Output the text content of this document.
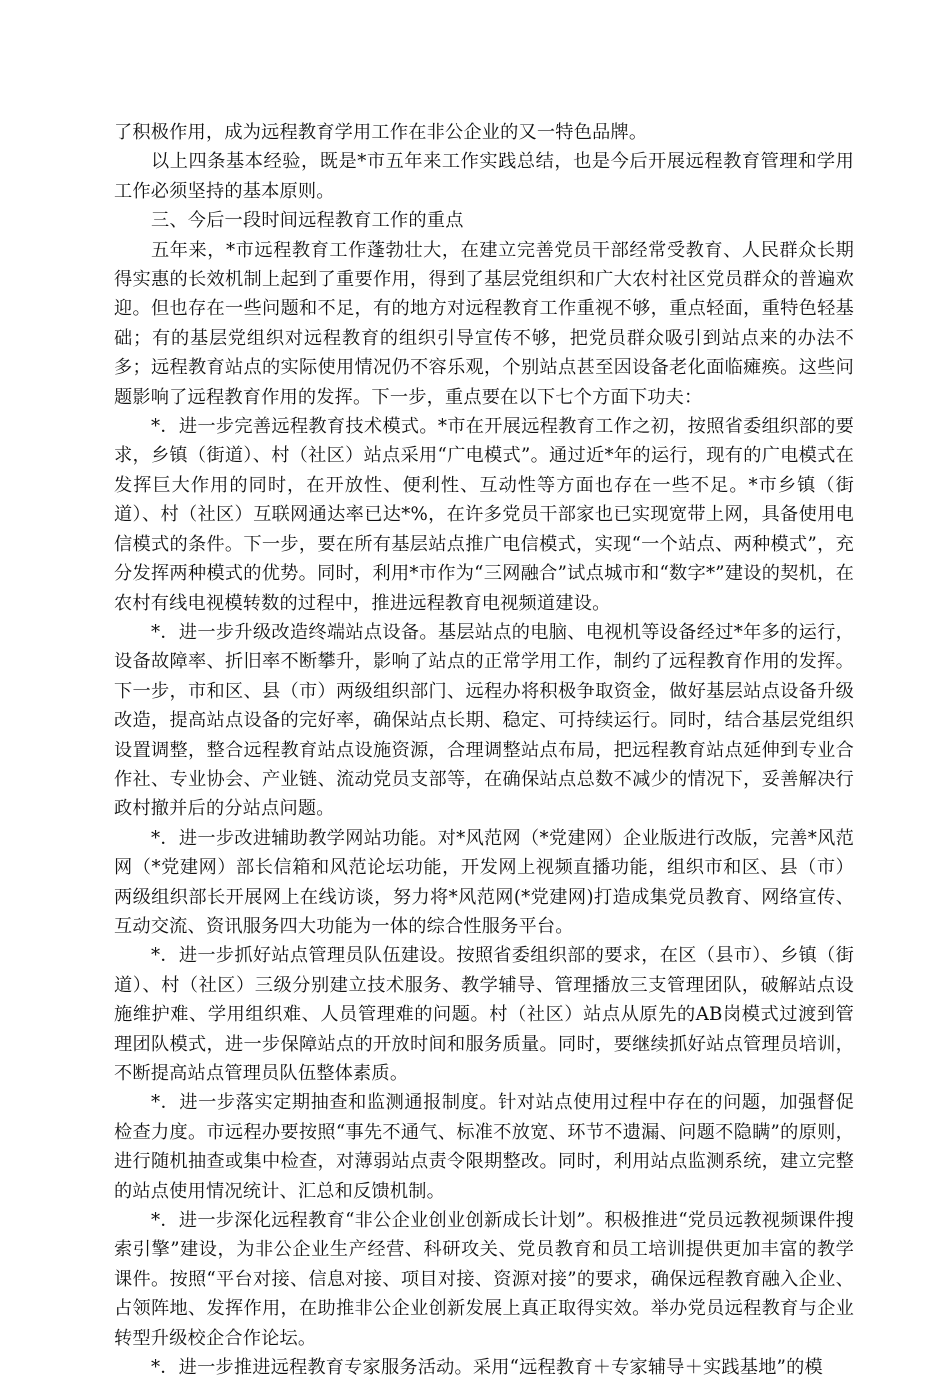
了积极作用，成为远程教育学用工作在非公企业的又一特色品牌。

以上四条基本经验，既是*市五年来工作实践总结，也是今后开展远程教育管理和学用工作必须坚持的基本原则。

三、今后一段时间远程教育工作的重点

五年来，*市远程教育工作蓬勃壮大，在建立完善党员干部经常受教育、人民群众长期得实惠的长效机制上起到了重要作用，得到了基层党组织和广大农村社区党员群众的普遍欢迎。但也存在一些问题和不足，有的地方对远程教育工作重视不够，重点轻面，重特色轻基础；有的基层党组织对远程教育的组织引导宣传不够，把党员群众吸引到站点来的办法不多；远程教育站点的实际使用情况仍不容乐观，个别站点甚至因设备老化面临瘫痪。这些问题影响了远程教育作用的发挥。下一步，重点要在以下七个方面下功夫：

*．进一步完善远程教育技术模式。*市在开展远程教育工作之初，按照省委组织部的要求，乡镇（街道）、村（社区）站点采用“广电模式”。通过近*年的运行，现有的广电模式在发挥巨大作用的同时，在开放性、便利性、互动性等方面也存在一些不足。*市乡镇（街道）、村（社区）互联网通达率已达*%，在许多党员干部家也已实现宽带上网，具备使用电信模式的条件。下一步，要在所有基层站点推广电信模式，实现“一个站点、两种模式”，充分发挥两种模式的优势。同时，利用*市作为“三网融合”试点城市和“数字*”建设的契机，在农村有线电视模转数的过程中，推进远程教育电视频道建设。

*．进一步升级改造终端站点设备。基层站点的电脑、电视机等设备经过*年多的运行，设备故障率、折旧率不断攀升，影响了站点的正常学用工作，制约了远程教育作用的发挥。下一步，市和区、县（市）两级组织部门、远程办将积极争取资金，做好基层站点设备升级改造，提高站点设备的完好率，确保站点长期、稳定、可持续运行。同时，结合基层党组织设置调整，整合远程教育站点设施资源，合理调整站点布局，把远程教育站点延伸到专业合作社、专业协会、产业链、流动党员支部等，在确保站点总数不减少的情况下，妥善解决行政村撤并后的分站点问题。

*．进一步改进辅助教学网站功能。对*风范网（*党建网）企业版进行改版，完善*风范网（*党建网）部长信箱和风范论坛功能，开发网上视频直播功能，组织市和区、县（市）两级组织部长开展网上在线访谈，努力将*风范网(*党建网)打造成集党员教育、网络宣传、互动交流、资讯服务四大功能为一体的综合性服务平台。

*．进一步抓好站点管理员队伍建设。按照省委组织部的要求，在区（县市）、乡镇（街道）、村（社区）三级分别建立技术服务、教学辅导、管理播放三支管理团队，破解站点设施维护难、学用组织难、人员管理难的问题。村（社区）站点从原先的AB岗模式过渡到管理团队模式，进一步保障站点的开放时间和服务质量。同时，要继续抓好站点管理员培训，不断提高站点管理员队伍整体素质。

*．进一步落实定期抽查和监测通报制度。针对站点使用过程中存在的问题，加强督促检查力度。市远程办要按照“事先不通气、标准不放宽、环节不遗漏、问题不隐瞒”的原则，进行随机抽查或集中检查，对薄弱站点责令限期整改。同时，利用站点监测系统，建立完整的站点使用情况统计、汇总和反馈机制。

*．进一步深化远程教育“非公企业创业创新成长计划”。积极推进“党员远教视频课件搜索引擎”建设，为非公企业生产经营、科研攻关、党员教育和员工培训提供更加丰富的教学课件。按照“平台对接、信息对接、项目对接、资源对接”的要求，确保远程教育融入企业、占领阵地、发挥作用，在助推非公企业创新发展上真正取得实效。举办党员远程教育与企业转型升级校企合作论坛。

*．进一步推进远程教育专家服务活动。采用“远程教育＋专家辅导＋实践基地”的模
